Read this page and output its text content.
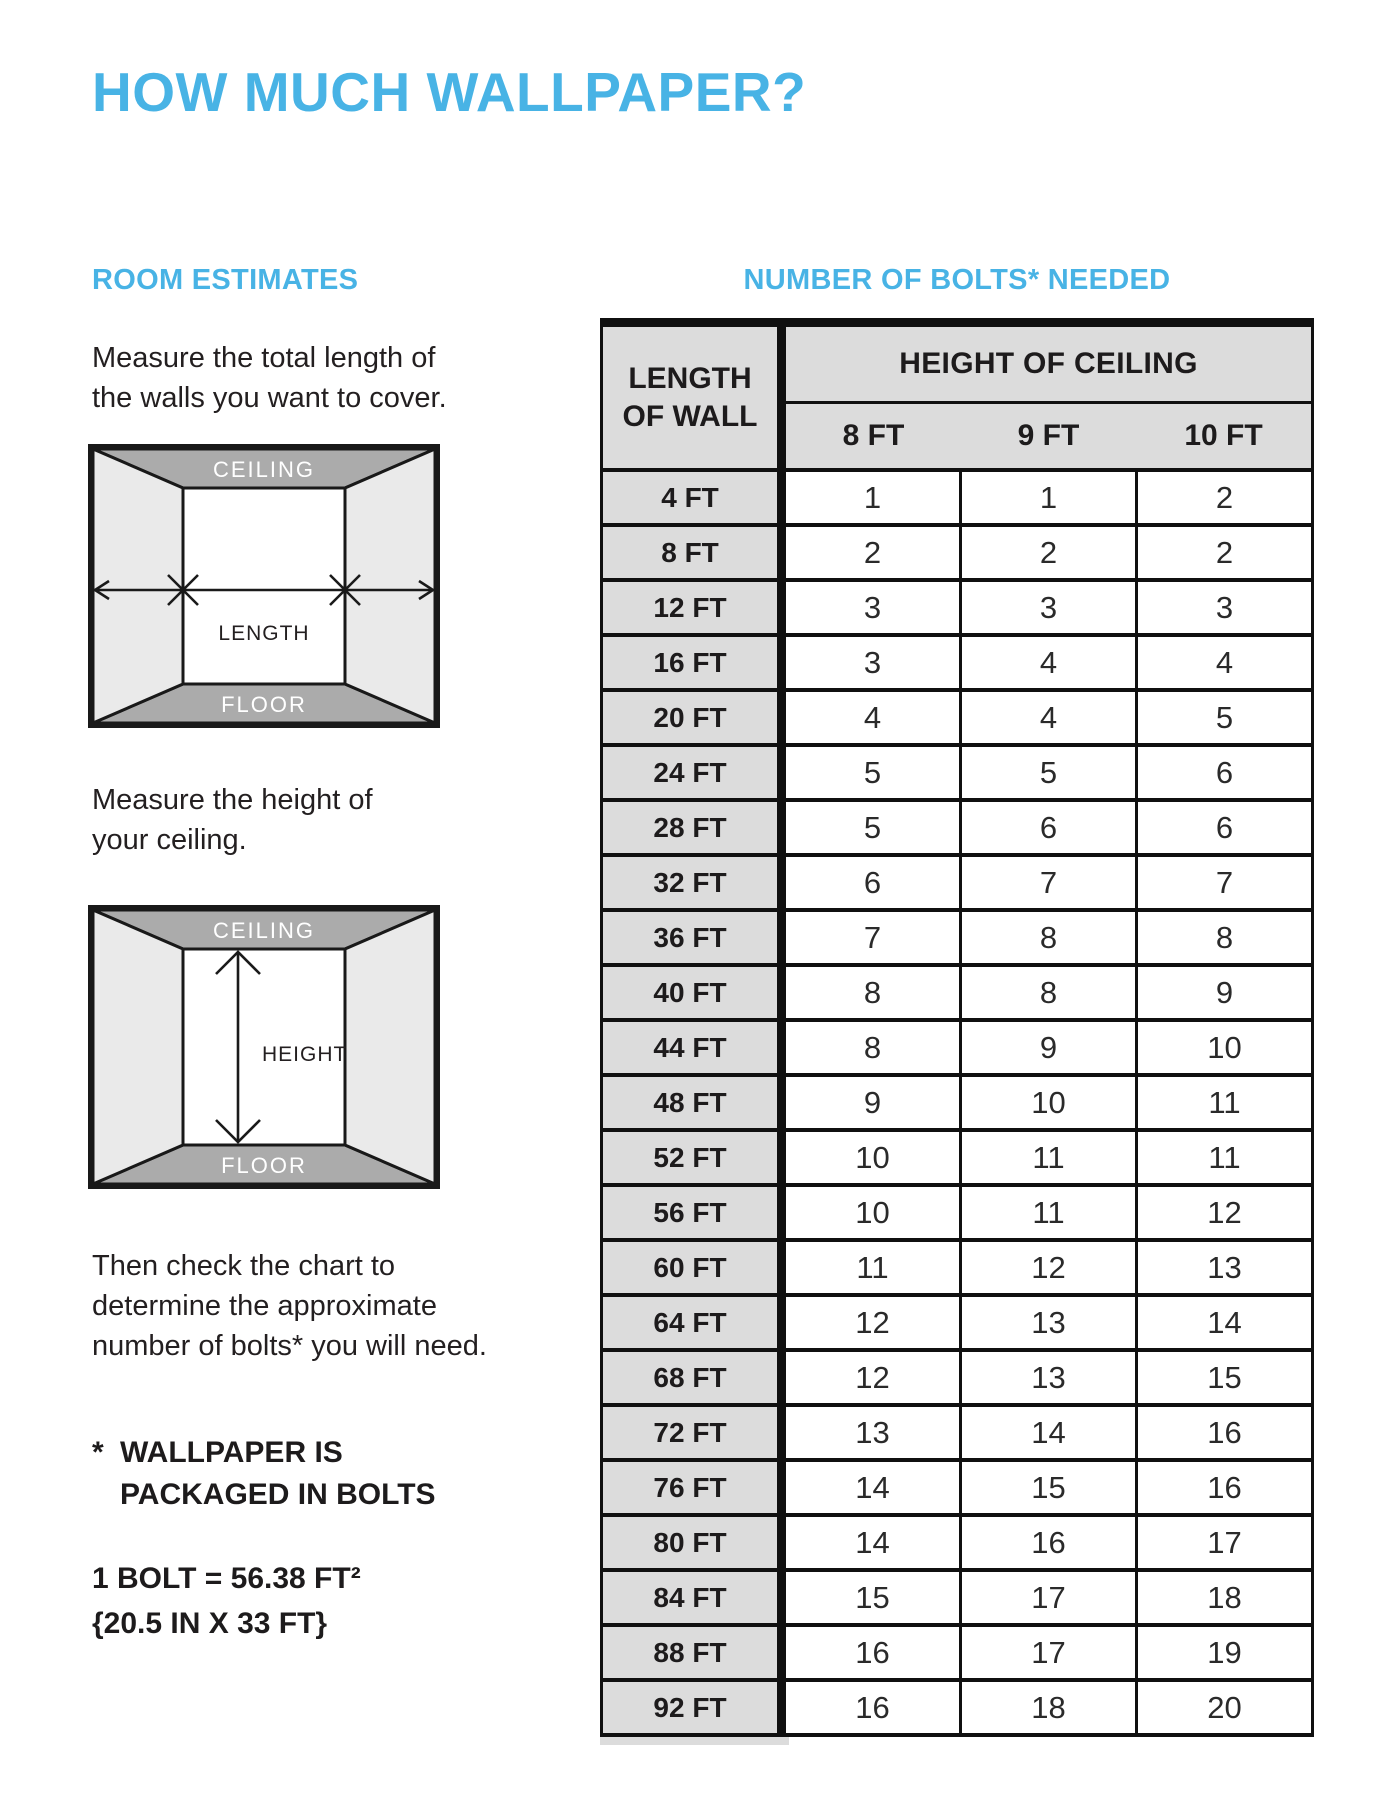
HOW MUCH WALLPAPER?
ROOM ESTIMATES	NUMBER OF BOLTS* NEEDED
Measure the total length of
the walls you want to cover.
CEILING
FLOOR
LENGTH
Measure the height of
your ceiling.
CEILING
FLOOR
HEIGHT
Then check the chart to
determine the approximate
number of bolts* you will need.
* WALLPAPER IS
PACKAGED IN BOLTS
1 BOLT = 56.38 FT²
{20.5 IN X 33 FT}
LENGTH
OF WALL
HEIGHT OF CEILING
8 FT	9 FT	10 FT
4 FT	1	1	2
8 FT	2	2	2
12 FT	3	3	3
16 FT	3	4	4
20 FT	4	4	5
24 FT	5	5	6
28 FT	5	6	6
32 FT	6	7	7
36 FT	7	8	8
40 FT	8	8	9
44 FT	8	9	10
48 FT	9	10	11
52 FT	10	11	11
56 FT	10	11	12
60 FT	11	12	13
64 FT	12	13	14
68 FT	12	13	15
72 FT	13	14	16
76 FT	14	15	16
80 FT	14	16	17
84 FT	15	17	18
88 FT	16	17	19
92 FT	16	18	20
